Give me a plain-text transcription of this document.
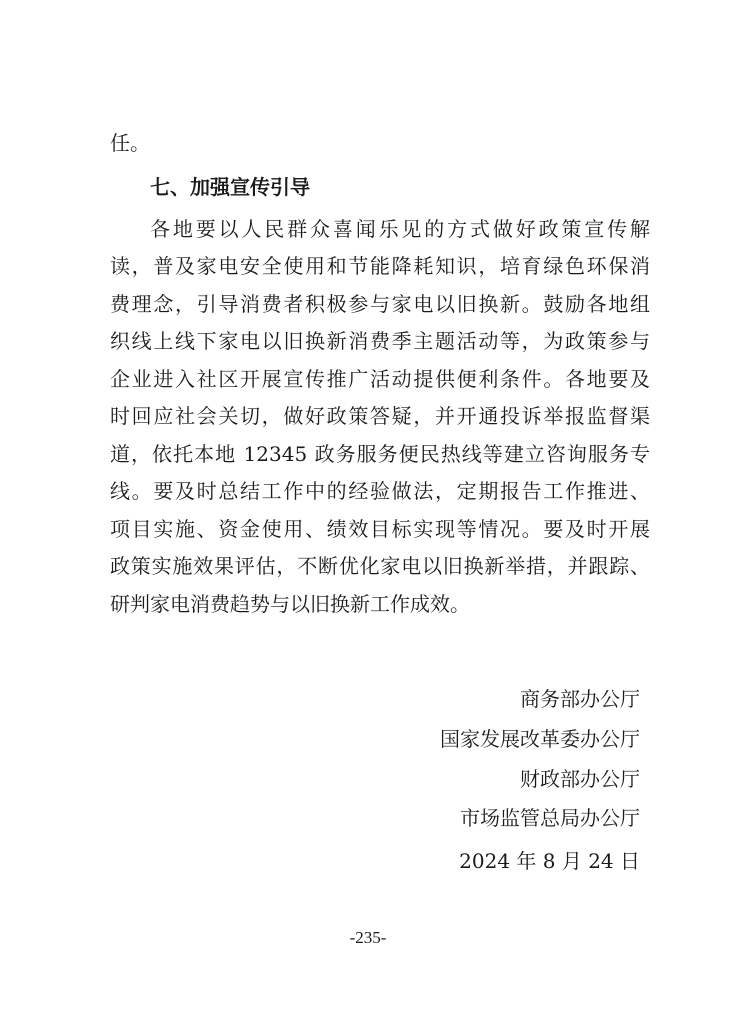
任。
七、加强宣传引导
各地要以人民群众喜闻乐见的方式做好政策宣传解
读，普及家电安全使用和节能降耗知识，培育绿色环保消
费理念，引导消费者积极参与家电以旧换新。鼓励各地组
织线上线下家电以旧换新消费季主题活动等，为政策参与
企业进入社区开展宣传推广活动提供便利条件。各地要及
时回应社会关切，做好政策答疑，并开通投诉举报监督渠
道，依托本地 12345 政务服务便民热线等建立咨询服务专
线。要及时总结工作中的经验做法，定期报告工作推进、
项目实施、资金使用、绩效目标实现等情况。要及时开展
政策实施效果评估，不断优化家电以旧换新举措，并跟踪、
研判家电消费趋势与以旧换新工作成效。
商务部办公厅
国家发展改革委办公厅
财政部办公厅
市场监管总局办公厅
2024 年 8 月 24 日
-235-
